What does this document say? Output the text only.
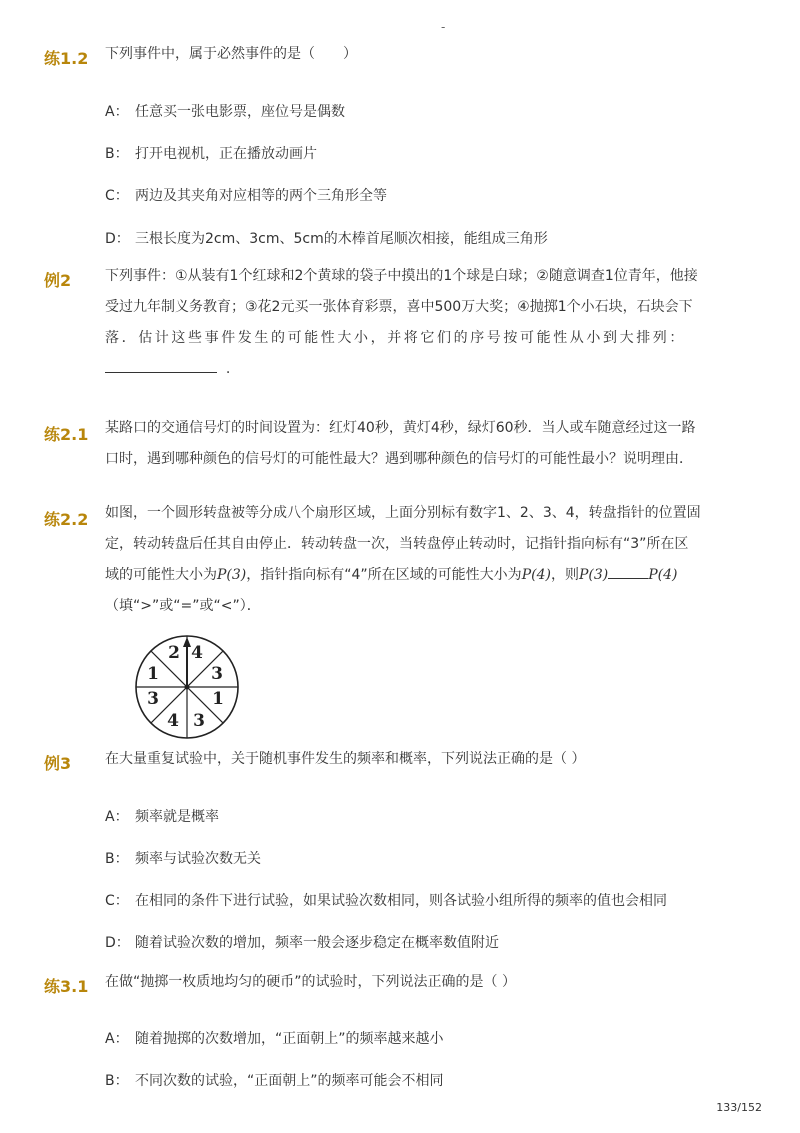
-
练1.2 下列事件中，属于必然事件的是（　　）
A： 任意买一张电影票，座位号是偶数
B： 打开电视机，正在播放动画片
C： 两边及其夹角对应相等的两个三角形全等
D： 三根长度为2cm、3cm、5cm的木棒首尾顺次相接，能组成三角形
例2 下列事件：①从装有1个红球和2个黄球的袋子中摸出的1个球是白球；②随意调查1位青年，他接
受过九年制义务教育；③花2元买一张体育彩票，喜中500万大奖；④抛掷1个小石块，石块会下
落．估计这些事件发生的可能性大小，并将它们的序号按可能性从小到大排列：
.
练2.1 某路口的交通信号灯的时间设置为：红灯40秒，黄灯4秒，绿灯60秒．当人或车随意经过这一路
口时，遇到哪种颜色的信号灯的可能性最大？遇到哪种颜色的信号灯的可能性最小？说明理由．
练2.2 如图，一个圆形转盘被等分成八个扇形区域，上面分别标有数字1、2、3、4，转盘指针的位置固
定，转动转盘后任其自由停止．转动转盘一次，当转盘停止转动时，记指针指向标有“3”所在区
域的可能性大小为P(3)，指针指向标有“4”所在区域的可能性大小为P(4)，则P(3)	P(4)
（填“>”或“=”或“<”）．
2 4
3
1
3
4
3
1
例3 在大量重复试验中，关于随机事件发生的频率和概率，下列说法正确的是（ ）
A： 频率就是概率
B： 频率与试验次数无关
C： 在相同的条件下进行试验，如果试验次数相同，则各试验小组所得的频率的值也会相同
D： 随着试验次数的增加，频率一般会逐步稳定在概率数值附近
练3.1 在做“抛掷一枚质地均匀的硬币”的试验时，下列说法正确的是（ ）
A： 随着抛掷的次数增加，“正面朝上”的频率越来越小
B： 不同次数的试验，“正面朝上”的频率可能会不相同
133/152
